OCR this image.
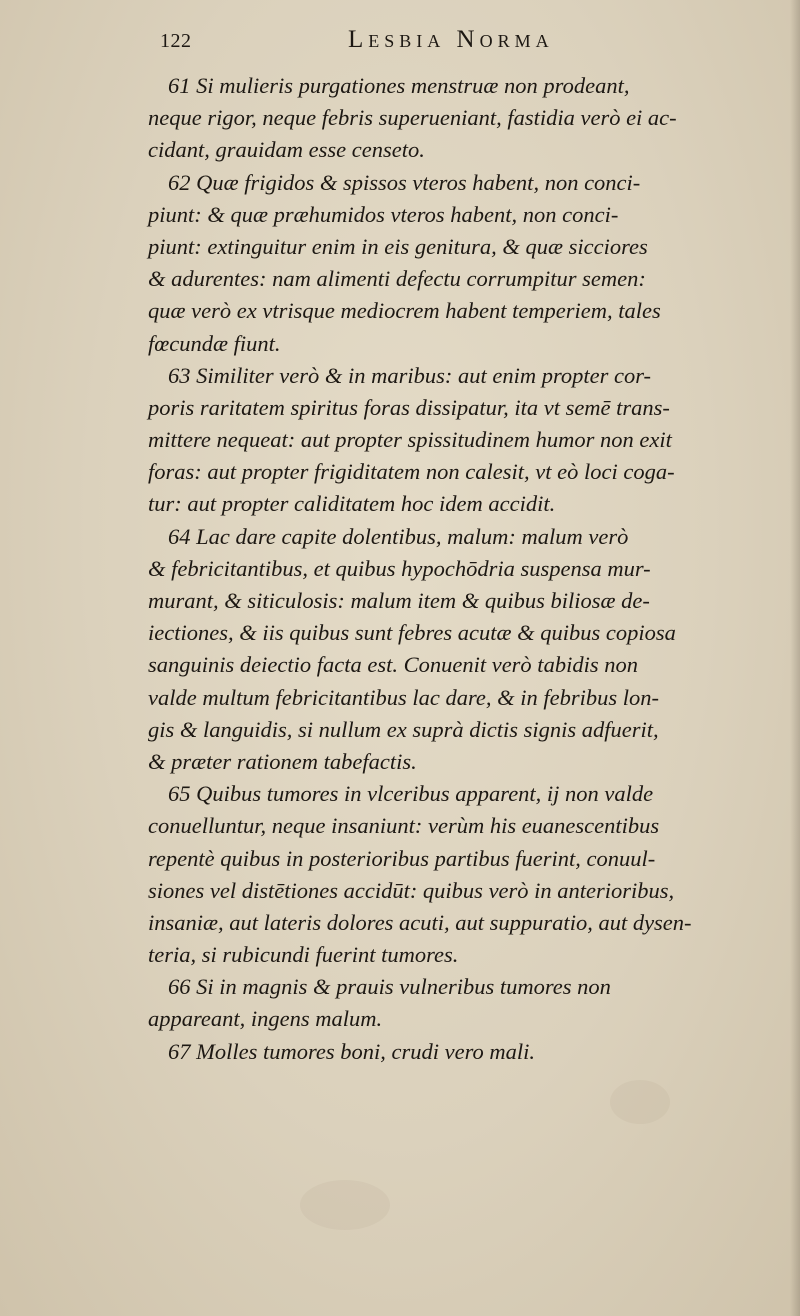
122	Lesbia Norma
61 Si mulieris purgationes menstruæ non prodeant,
neque rigor, neque febris superueniant, fastidia verò ei ac-
cidant, grauidam esse censeto.
62 Quæ frigidos & spissos vteros habent, non conci-
piunt: & quæ præhumidos vteros habent, non conci-
piunt: extinguitur enim in eis genitura, & quæ sicciores
& adurentes: nam alimenti defectu corrumpitur semen:
quæ verò ex vtrisque mediocrem habent temperiem, tales
fœcundæ fiunt.
63 Similiter verò & in maribus: aut enim propter cor-
poris raritatem spiritus foras dissipatur, ita vt semē trans-
mittere nequeat: aut propter spissitudinem humor non exit
foras: aut propter frigiditatem non calesit, vt eò loci coga-
tur: aut propter caliditatem hoc idem accidit.
64 Lac dare capite dolentibus, malum: malum verò
& febricitantibus, et quibus hypochōdria suspensa mur-
murant, & siticulosis: malum item & quibus biliosæ de-
iectiones, & iis quibus sunt febres acutæ & quibus copiosa
sanguinis deiectio facta est. Conuenit verò tabidis non
valde multum febricitantibus lac dare, & in febribus lon-
gis & languidis, si nullum ex suprà dictis signis adfuerit,
& præter rationem tabefactis.
65 Quibus tumores in vlceribus apparent, ij non valde
conuelluntur, neque insaniunt: verùm his euanescentibus
repentè quibus in posterioribus partibus fuerint, conuul-
siones vel distētiones accidūt: quibus verò in anterioribus,
insaniæ, aut lateris dolores acuti, aut suppuratio, aut dysen-
teria, si rubicundi fuerint tumores.
66 Si in magnis & prauis vulneribus tumores non
appareant, ingens malum.
67 Molles tumores boni, crudi vero mali.
